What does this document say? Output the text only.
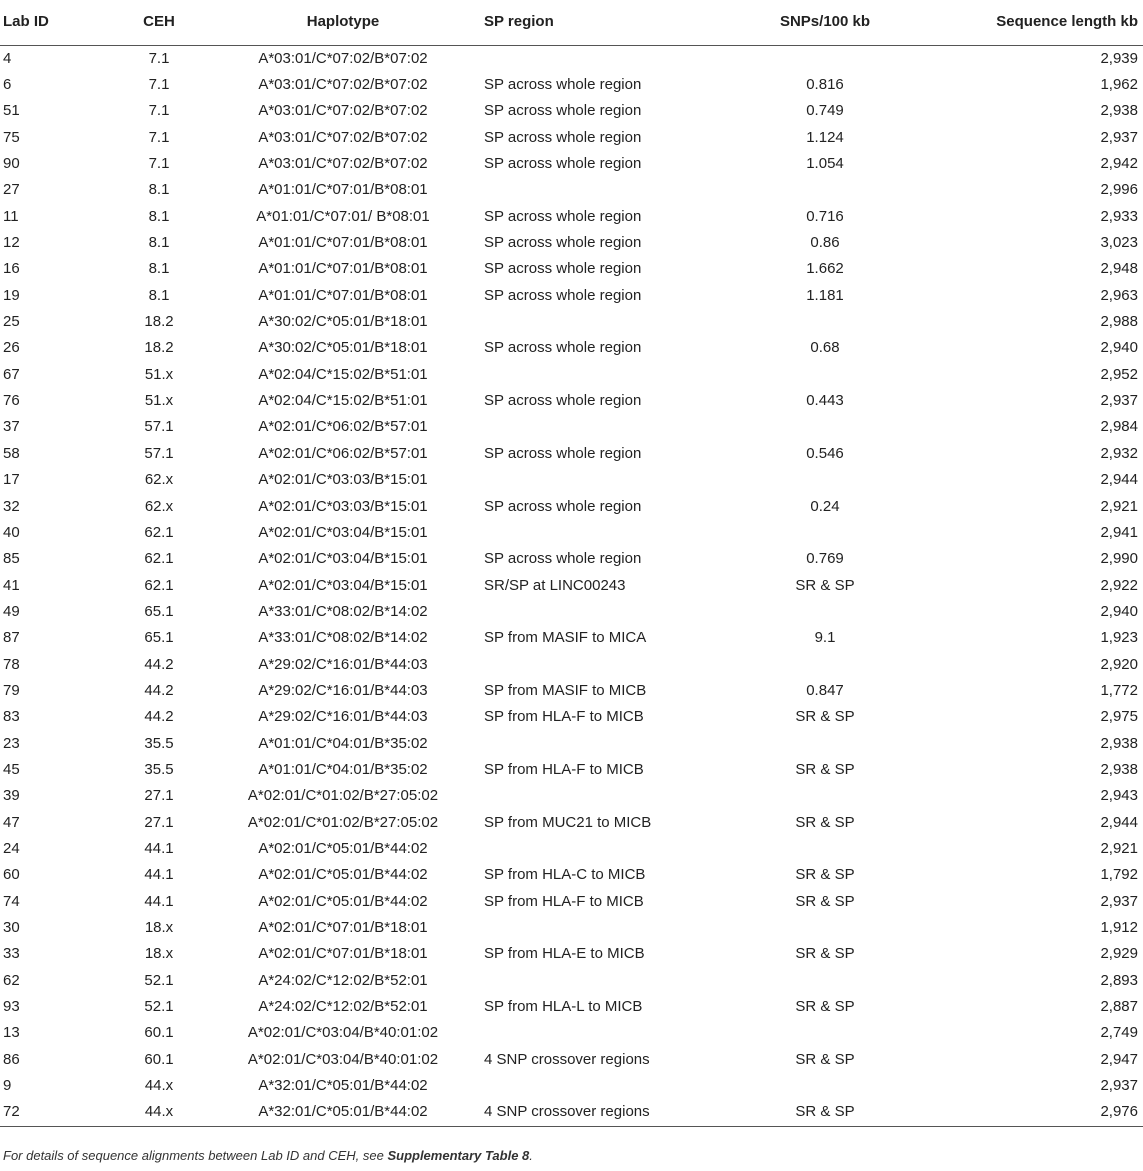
Lab ID	CEH	Haplotype	SP region	SNPs/100 kb	Sequence length kb
4	7.1	A*03:01/C*07:02/B*07:02			2,939
6	7.1	A*03:01/C*07:02/B*07:02	SP across whole region	0.816	1,962
51	7.1	A*03:01/C*07:02/B*07:02	SP across whole region	0.749	2,938
75	7.1	A*03:01/C*07:02/B*07:02	SP across whole region	1.124	2,937
90	7.1	A*03:01/C*07:02/B*07:02	SP across whole region	1.054	2,942
27	8.1	A*01:01/C*07:01/B*08:01			2,996
11	8.1	A*01:01/C*07:01/ B*08:01	SP across whole region	0.716	2,933
12	8.1	A*01:01/C*07:01/B*08:01	SP across whole region	0.86	3,023
16	8.1	A*01:01/C*07:01/B*08:01	SP across whole region	1.662	2,948
19	8.1	A*01:01/C*07:01/B*08:01	SP across whole region	1.181	2,963
25	18.2	A*30:02/C*05:01/B*18:01			2,988
26	18.2	A*30:02/C*05:01/B*18:01	SP across whole region	0.68	2,940
67	51.x	A*02:04/C*15:02/B*51:01			2,952
76	51.x	A*02:04/C*15:02/B*51:01	SP across whole region	0.443	2,937
37	57.1	A*02:01/C*06:02/B*57:01			2,984
58	57.1	A*02:01/C*06:02/B*57:01	SP across whole region	0.546	2,932
17	62.x	A*02:01/C*03:03/B*15:01			2,944
32	62.x	A*02:01/C*03:03/B*15:01	SP across whole region	0.24	2,921
40	62.1	A*02:01/C*03:04/B*15:01			2,941
85	62.1	A*02:01/C*03:04/B*15:01	SP across whole region	0.769	2,990
41	62.1	A*02:01/C*03:04/B*15:01	SR/SP at LINC00243	SR & SP	2,922
49	65.1	A*33:01/C*08:02/B*14:02			2,940
87	65.1	A*33:01/C*08:02/B*14:02	SP from MASIF to MICA	9.1	1,923
78	44.2	A*29:02/C*16:01/B*44:03			2,920
79	44.2	A*29:02/C*16:01/B*44:03	SP from MASIF to MICB	0.847	1,772
83	44.2	A*29:02/C*16:01/B*44:03	SP from HLA-F to MICB	SR & SP	2,975
23	35.5	A*01:01/C*04:01/B*35:02			2,938
45	35.5	A*01:01/C*04:01/B*35:02	SP from HLA-F to MICB	SR & SP	2,938
39	27.1	A*02:01/C*01:02/B*27:05:02			2,943
47	27.1	A*02:01/C*01:02/B*27:05:02	SP from MUC21 to MICB	SR & SP	2,944
24	44.1	A*02:01/C*05:01/B*44:02			2,921
60	44.1	A*02:01/C*05:01/B*44:02	SP from HLA-C to MICB	SR & SP	1,792
74	44.1	A*02:01/C*05:01/B*44:02	SP from HLA-F to MICB	SR & SP	2,937
30	18.x	A*02:01/C*07:01/B*18:01			1,912
33	18.x	A*02:01/C*07:01/B*18:01	SP from HLA-E to MICB	SR & SP	2,929
62	52.1	A*24:02/C*12:02/B*52:01			2,893
93	52.1	A*24:02/C*12:02/B*52:01	SP from HLA-L to MICB	SR & SP	2,887
13	60.1	A*02:01/C*03:04/B*40:01:02			2,749
86	60.1	A*02:01/C*03:04/B*40:01:02	4 SNP crossover regions	SR & SP	2,947
9	44.x	A*32:01/C*05:01/B*44:02			2,937
72	44.x	A*32:01/C*05:01/B*44:02	4 SNP crossover regions	SR & SP	2,976
For details of sequence alignments between Lab ID and CEH, see Supplementary Table 8.
